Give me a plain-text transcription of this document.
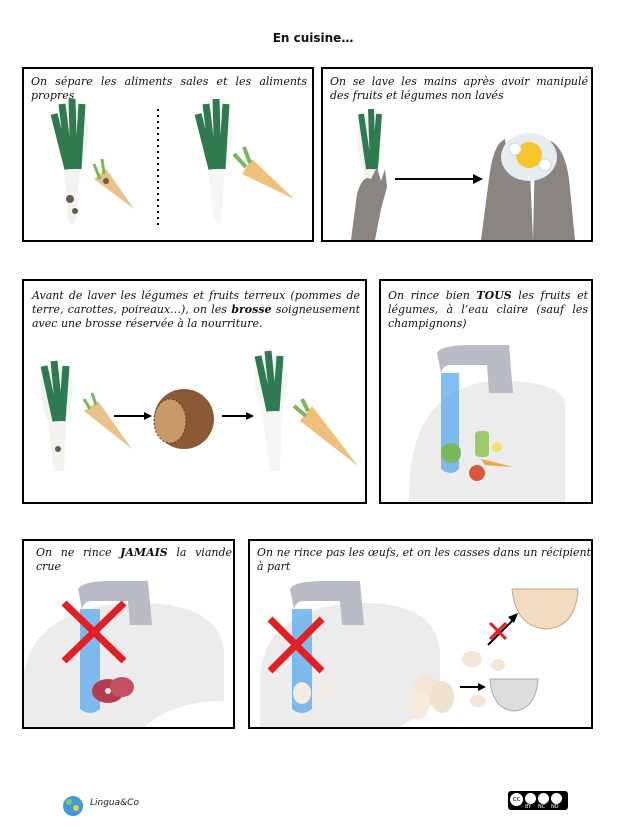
En cuisine…
On sépare les aliments sales et les aliments propres
On se lave les mains après avoir manipulé des fruits et légumes non lavés
Avant de laver les légumes et fruits terreux (pommes de terre, carottes, poireaux…), on les brosse soigneusement avec une brosse réservée à la nourriture.
On rince bien TOUS les fruits et légumes, à l’eau claire (sauf les champignons)
On ne rince JAMAIS la viande crue
On ne rince pas les œufs, et on les casses dans un récipient à part
Lingua&Co	cc
BY NC ND
